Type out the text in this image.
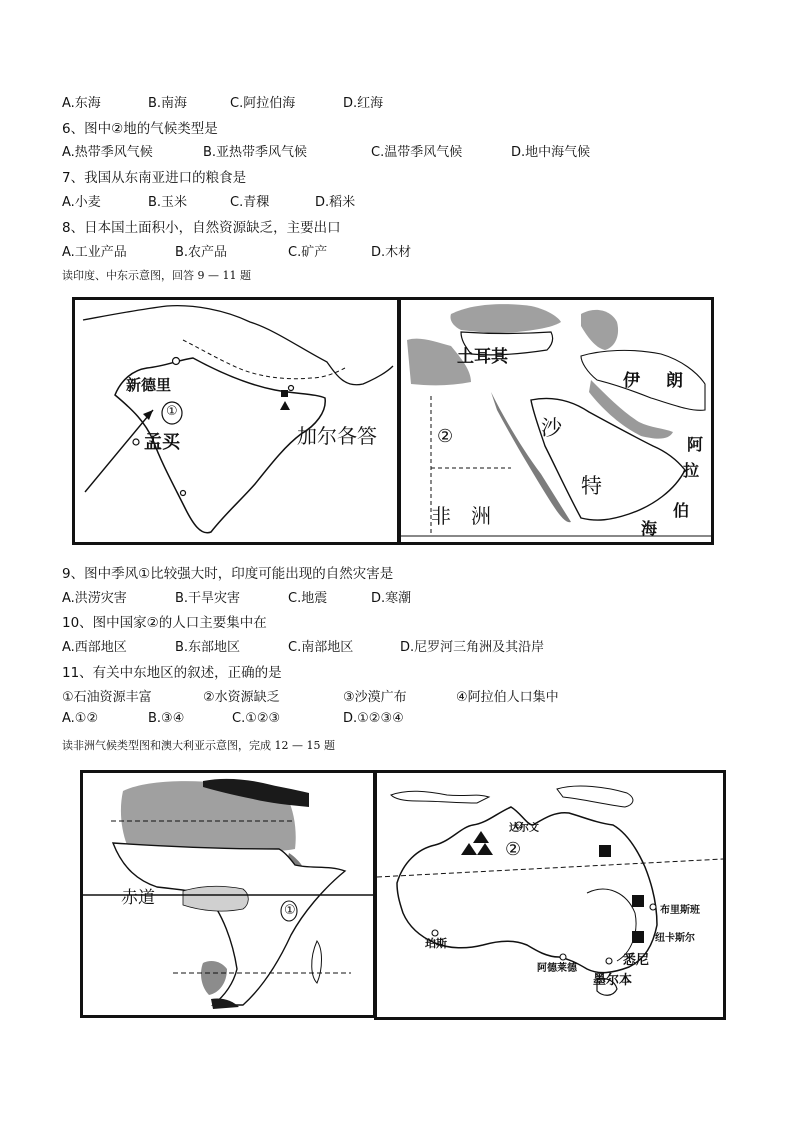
A.东海	B.南海	C.阿拉伯海	D.红海
6、图中②地的气候类型是
A.热带季风气候	B.亚热带季风气候	C.温带季风气候	D.地中海气候
7、我国从东南亚进口的粮食是
A.小麦	B.玉米	C.青稞	D.稻米
8、日本国土面积小，自然资源缺乏，主要出口
A.工业产品	B.农产品	C.矿产	D.木材
读印度、中东示意图，回答 9 — 11 题
新德里
孟买	加尔各答
①
土耳其
伊 朗
沙
特
②
非　洲
阿
拉
伯
海
9、图中季风①比较强大时，印度可能出现的自然灾害是
A.洪涝灾害	B.干旱灾害	C.地震	D.寒潮
10、图中国家②的人口主要集中在
A.西部地区	B.东部地区	C.南部地区	D.尼罗河三角洲及其沿岸
11、有关中东地区的叙述，正确的是
①石油资源丰富	②水资源缺乏	③沙漠广布	④阿拉伯人口集中
A.①②	B.③④	C.①②③	D.①②③④
读非洲气候类型图和澳大利亚示意图，完成 12 — 15 题
赤道
①
②
达尔文
布里斯班
纽卡斯尔
悉尼
珀斯
阿德莱德
墨尔本
